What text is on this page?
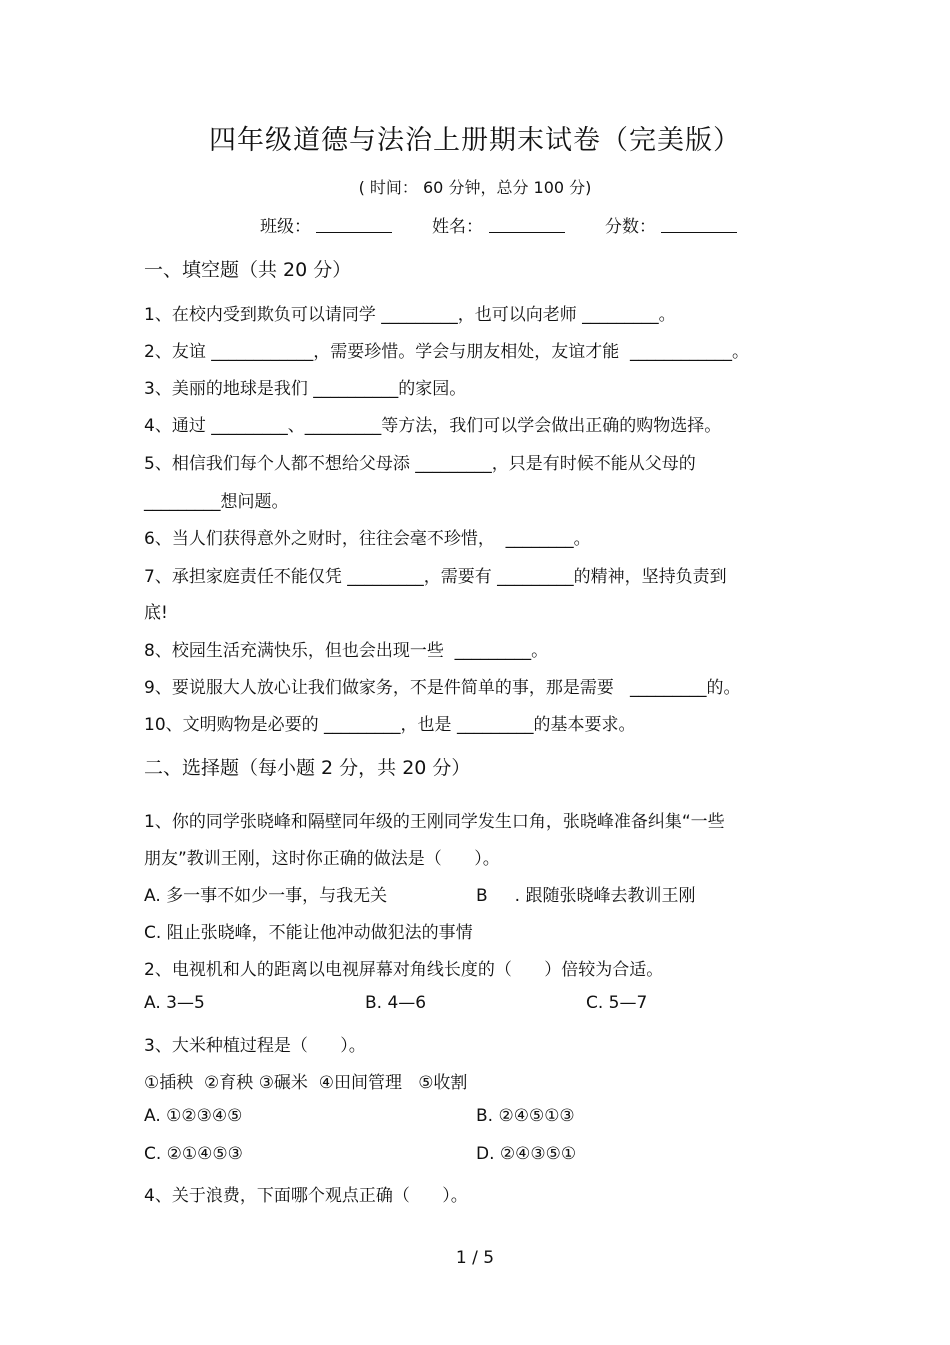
四年级道德与法治上册期末试卷（完美版）
( 时间： 60 分钟，总分 100 分)
班级：	姓名：	分数：
一、填空题（共 20 分）
1、在校内受到欺负可以请同学 _________，也可以向老师 _________。
2、友谊 ____________，需要珍惜。学会与朋友相处，友谊才能  ____________。
3、美丽的地球是我们 __________的家园。
4、通过 _________、_________等方法，我们可以学会做出正确的购物选择。
5、相信我们每个人都不想给父母添 _________，只是有时候不能从父母的
_________想问题。
6、当人们获得意外之财时，往往会毫不珍惜，  ________。
7、承担家庭责任不能仅凭 _________，需要有 _________的精神，坚持负责到
底!
8、校园生活充满快乐，但也会出现一些  _________。
9、要说服大人放心让我们做家务，不是件简单的事，那是需要   _________的。
10、文明购物是必要的 _________，也是 _________的基本要求。
二、选择题（每小题 2 分，共 20 分）
1、你的同学张晓峰和隔壁同年级的王刚同学发生口角，张晓峰准备纠集“一些
朋友”教训王刚，这时你正确的做法是（      ）。
A. 多一事不如少一事，与我无关	B     . 跟随张晓峰去教训王刚
C. 阻止张晓峰，不能让他冲动做犯法的事情
2、电视机和人的距离以电视屏幕对角线长度的（      ）倍较为合适。
A. 3—5	B. 4—6	C. 5—7
3、大米种植过程是（      ）。
①插秧  ②育秧 ③碾米  ④田间管理   ⑤收割
A. ①②③④⑤	B. ②④⑤①③
C. ②①④⑤③	D. ②④③⑤①
4、关于浪费，下面哪个观点正确（      ）。
1 / 5
